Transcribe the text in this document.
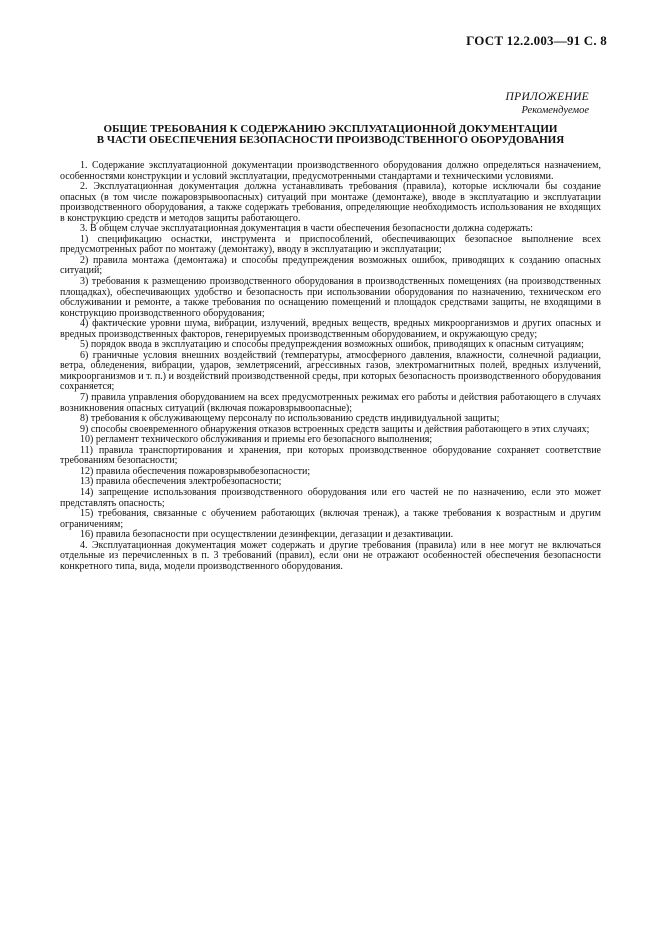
ГОСТ 12.2.003—91 С. 8
ПРИЛОЖЕНИЕ
Рекомендуемое
ОБЩИЕ ТРЕБОВАНИЯ К СОДЕРЖАНИЮ ЭКСПЛУАТАЦИОННОЙ ДОКУМЕНТАЦИИ
В ЧАСТИ ОБЕСПЕЧЕНИЯ БЕЗОПАСНОСТИ ПРОИЗВОДСТВЕННОГО ОБОРУДОВАНИЯ

1. Содержание эксплуатационной документации производственного оборудования должно определяться назначением, особенностями конструкции и условий эксплуатации, предусмотренными стандартами и техническими условиями.

2. Эксплуатационная документация должна устанавливать требования (правила), которые исключали бы создание опасных (в том числе пожаровзрывоопасных) ситуаций при монтаже (демонтаже), вводе в эксплуатацию и эксплуатации производственного оборудования, а также содержать требования, определяющие необходимость использования не входящих в конструкцию средств и методов защиты работающего.

3. В общем случае эксплуатационная документация в части обеспечения безопасности должна содержать:

1) спецификацию оснастки, инструмента и приспособлений, обеспечивающих безопасное выполнение всех предусмотренных работ по монтажу (демонтажу), вводу в эксплуатацию и эксплуатации;

2) правила монтажа (демонтажа) и способы предупреждения возможных ошибок, приводящих к созданию опасных ситуаций;

3) требования к размещению производственного оборудования в производственных помещениях (на производственных площадках), обеспечивающих удобство и безопасность при использовании оборудования по назначению, техническом его обслуживании и ремонте, а также требования по оснащению помещений и площадок средствами защиты, не входящими в конструкцию производственного оборудования;

4) фактические уровни шума, вибрации, излучений, вредных веществ, вредных микроорганизмов и других опасных и вредных производственных факторов, генерируемых производственным оборудованием, и окружающую среду;

5) порядок ввода в эксплуатацию и способы предупреждения возможных ошибок, приводящих к опасным ситуациям;

6) граничные условия внешних воздействий (температуры, атмосферного давления, влажности, солнечной радиации, ветра, обледенения, вибрации, ударов, землетрясений, агрессивных газов, электромагнитных полей, вредных излучений, микроорганизмов и т. п.) и воздействий производственной среды, при которых безопасность производственного оборудования сохраняется;

7) правила управления оборудованием на всех предусмотренных режимах его работы и действия работающего в случаях возникновения опасных ситуаций (включая пожаровзрывоопасные);

8) требования к обслуживающему персоналу по использованию средств индивидуальной защиты;

9) способы своевременного обнаружения отказов встроенных средств защиты и действия работающего в этих случаях;

10) регламент технического обслуживания и приемы его безопасного выполнения;

11) правила транспортирования и хранения, при которых производственное оборудование сохраняет соответствие требованиям безопасности;

12) правила обеспечения пожаровзрывобезопасности;

13) правила обеспечения электробезопасности;

14) запрещение использования производственного оборудования или его частей не по назначению, если это может представлять опасность;

15) требования, связанные с обучением работающих (включая тренаж), а также требования к возрастным и другим ограничениям;

16) правила безопасности при осуществлении дезинфекции, дегазации и дезактивации.

4. Эксплуатационная документация может содержать и другие требования (правила) или в нее могут не включаться отдельные из перечисленных в п. 3 требований (правил), если они не отражают особенностей обеспечения безопасности конкретного типа, вида, модели производственного оборудования.
